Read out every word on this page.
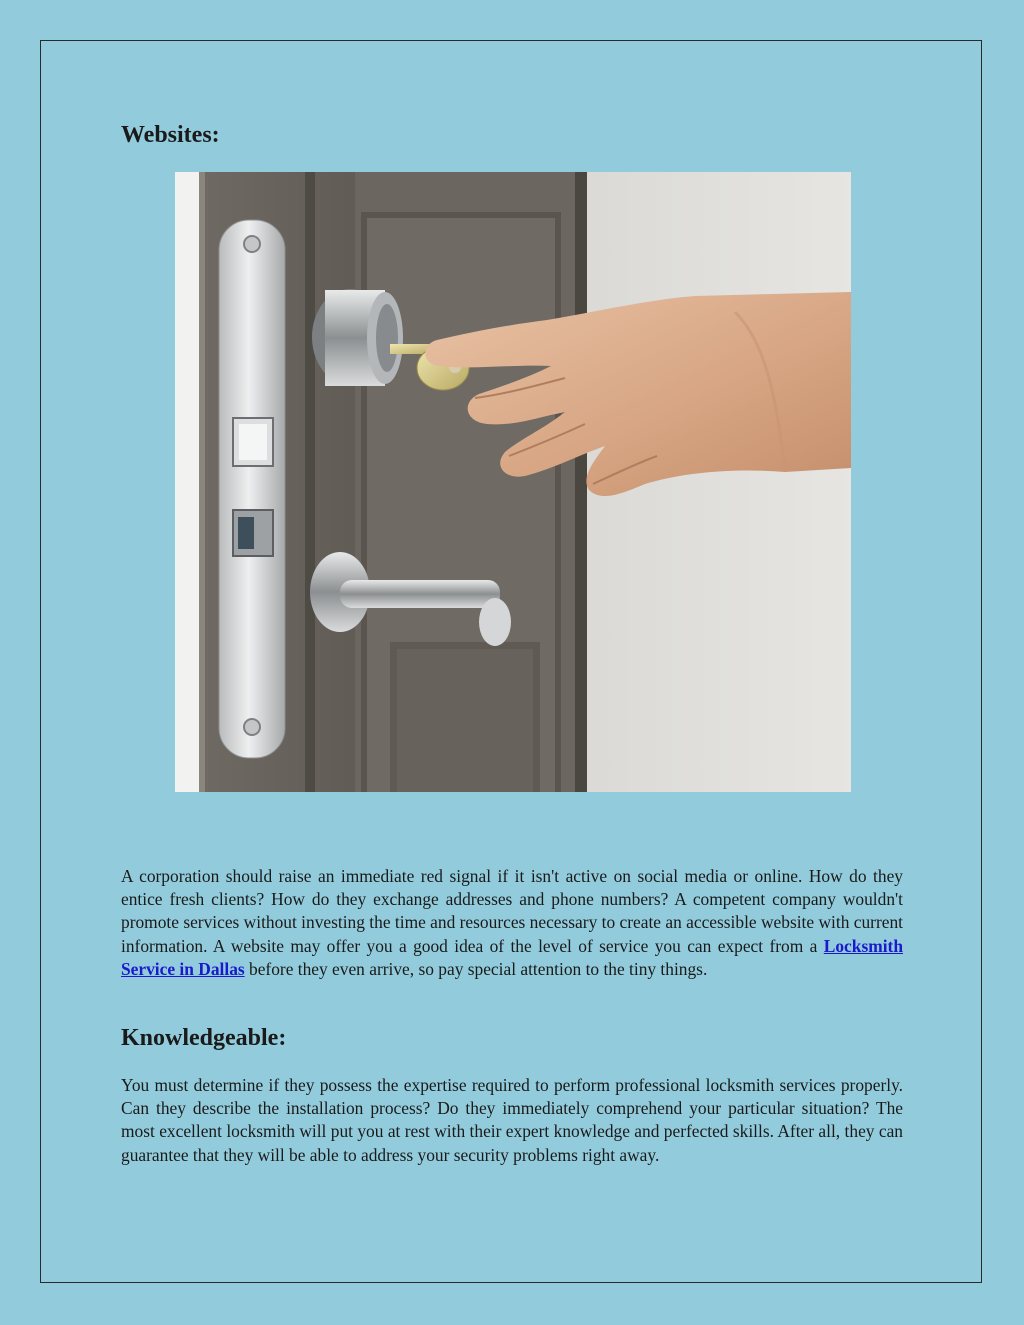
Websites:

A corporation should raise an immediate red signal if it isn't active on social media or online. How do they entice fresh clients? How do they exchange addresses and phone numbers? A competent company wouldn't promote services without investing the time and resources necessary to create an accessible website with current information. A website may offer you a good idea of the level of service you can expect from a Locksmith Service in Dallas before they even arrive, so pay special attention to the tiny things.

Knowledgeable:

You must determine if they possess the expertise required to perform professional locksmith services properly. Can they describe the installation process? Do they immediately comprehend your particular situation? The most excellent locksmith will put you at rest with their expert knowledge and perfected skills. After all, they can guarantee that they will be able to address your security problems right away.
